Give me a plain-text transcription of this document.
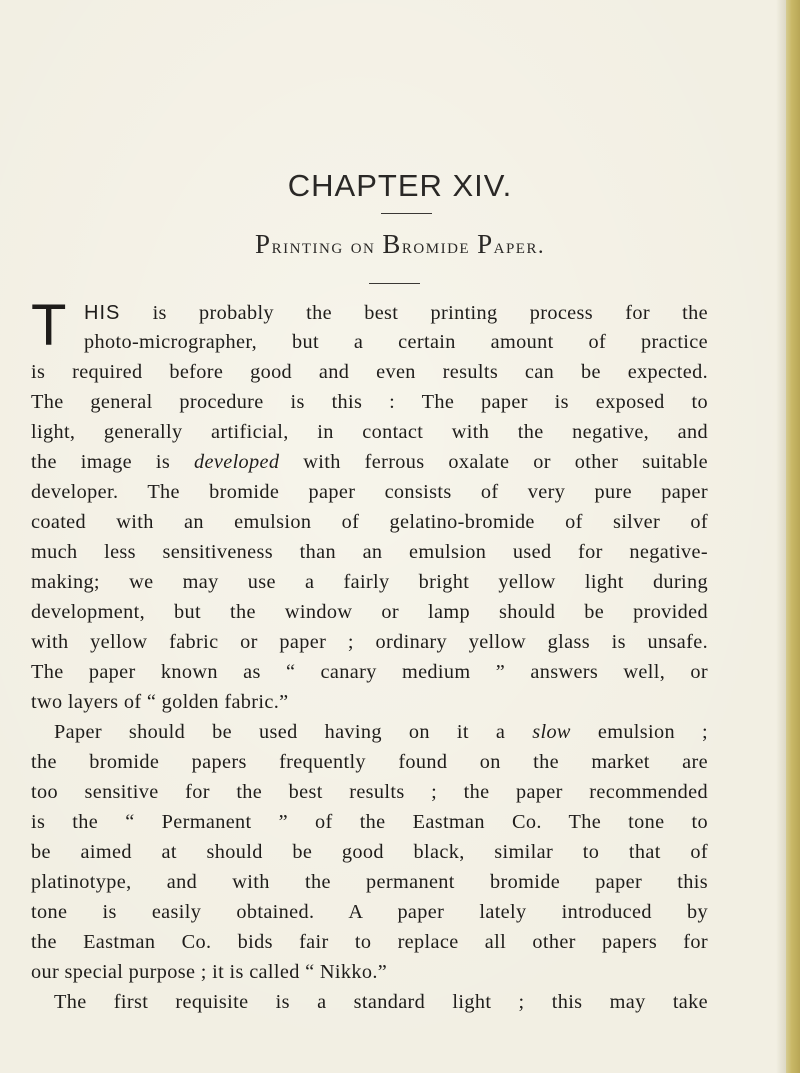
CHAPTER XIV.
Printing on Bromide Paper.
T HIS is probably the best printing process for the
photo-micrographer, but a certain amount of practice
is required before good and even results can be expected.
The general procedure is this : The paper is exposed to
light, generally artificial, in contact with the negative, and
the image is developed with ferrous oxalate or other suitable
developer. The bromide paper consists of very pure paper
coated with an emulsion of gelatino-bromide of silver of
much less sensitiveness than an emulsion used for negative-
making; we may use a fairly bright yellow light during
development, but the window or lamp should be provided
with yellow fabric or paper ; ordinary yellow glass is unsafe.
The paper known as “ canary medium ” answers well, or
two layers of “ golden fabric.”
Paper should be used having on it a slow emulsion ;
the bromide papers frequently found on the market are
too sensitive for the best results ; the paper recommended
is the “ Permanent ” of the Eastman Co. The tone to
be aimed at should be good black, similar to that of
platinotype, and with the permanent bromide paper this
tone is easily obtained. A paper lately introduced by
the Eastman Co. bids fair to replace all other papers for
our special purpose ; it is called “ Nikko.”
The first requisite is a standard light ; this may take
